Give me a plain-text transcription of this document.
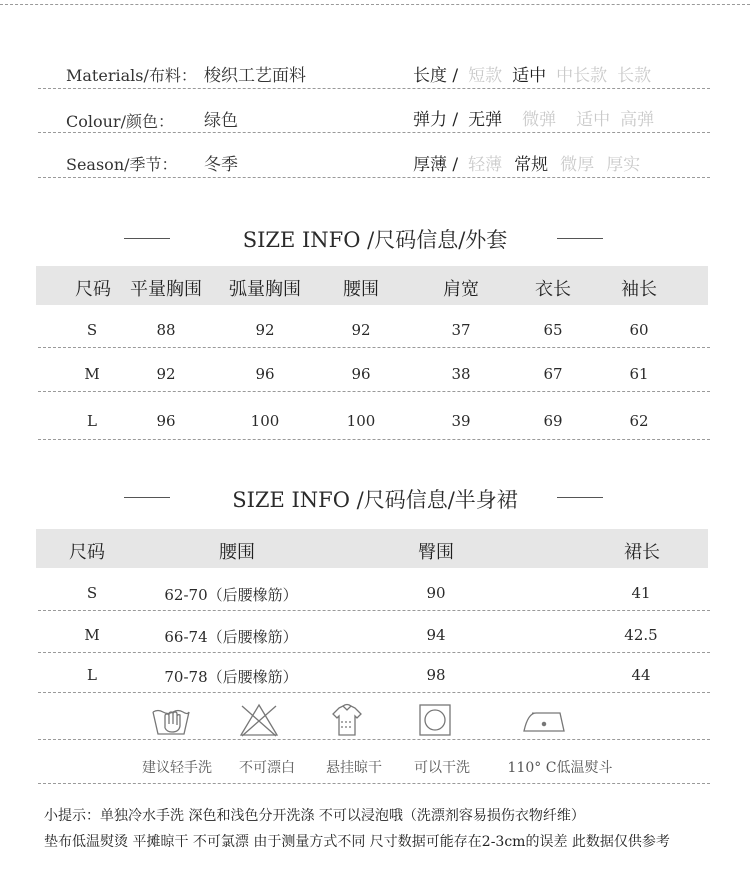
Materials/布料： 梭织工艺面料	长度 / 短款 适中 中长款 长款
Colour/颜色： 绿色	弹力 / 无弹 微弹 适中 高弹
Season/季节： 冬季	厚薄 / 轻薄 常规 微厚 厚实
SIZE INFO /尺码信息/外套
尺码 平量胸围 弧量胸围 腰围	肩宽	衣长	袖长
S	88	92	92	37	65	60
M	92	96	96	38	67	61
L	96	100	100	39	69	62
SIZE INFO /尺码信息/半身裙
尺码	腰围	臀围	裙长
S	62-70（后腰橡筋）	90	41
M	66-74（后腰橡筋）	94	42.5
L	70-78（后腰橡筋）	98	44
建议轻手洗 不可漂白 悬挂晾干 可以干洗	110° C低温熨斗
小提示：单独冷水手洗 深色和浅色分开洗涤 不可以浸泡哦（洗漂剂容易损伤衣物纤维）
垫布低温熨烫 平摊晾干 不可氯漂 由于测量方式不同 尺寸数据可能存在2-3cm的误差 此数据仅供参考
